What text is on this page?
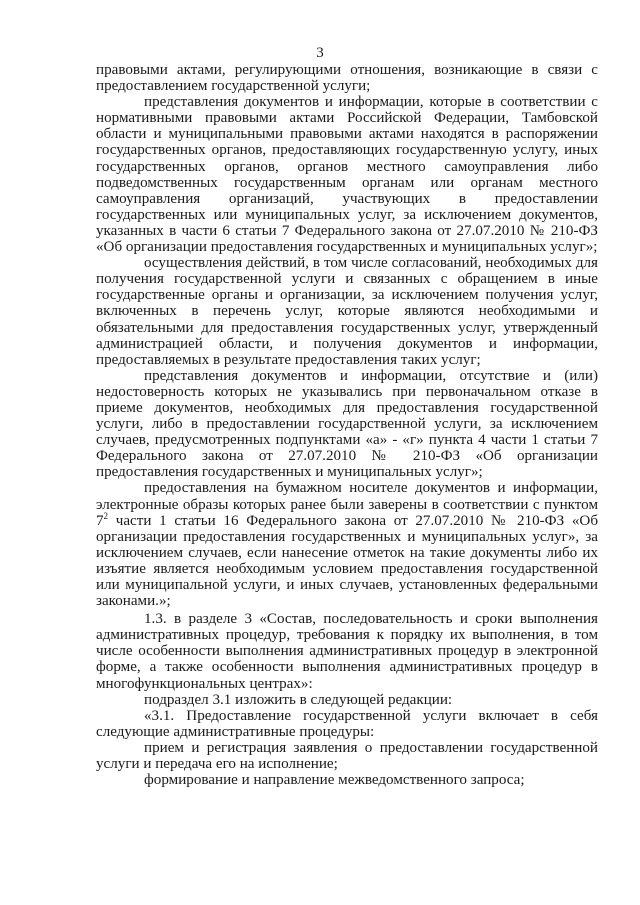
3

правовыми актами, регулирующими отношения, возникающие в связи с предоставлением государственной услуги;

представления документов и информации, которые в соответствии с нормативными правовыми актами Российской Федерации, Тамбовской области и муниципальными правовыми актами находятся в распоряжении государственных органов, предоставляющих государственную услугу, иных государственных органов, органов местного самоуправления либо подведомственных государственным органам или органам местного самоуправления организаций, участвующих в предоставлении государственных или муниципальных услуг, за исключением документов, указанных в части 6 статьи 7 Федерального закона от 27.07.2010 № 210-ФЗ «Об организации предоставления государственных и муниципальных услуг»;

осуществления действий, в том числе согласований, необходимых для получения государственной услуги и связанных с обращением в иные государственные органы и организации, за исключением получения услуг, включенных в перечень услуг, которые являются необходимыми и обязательными для предоставления государственных услуг, утвержденный администрацией области, и получения документов и информации, предоставляемых в результате предоставления таких услуг;

представления документов и информации, отсутствие и (или) недостоверность которых не указывались при первоначальном отказе в приеме документов, необходимых для предоставления государственной услуги, либо в предоставлении государственной услуги, за исключением случаев, предусмотренных подпунктами «а» - «г» пункта 4 части 1 статьи 7 Федерального закона от 27.07.2010 № 210-ФЗ «Об организации предоставления государственных и муниципальных услуг»;

предоставления на бумажном носителе документов и информации, электронные образы которых ранее были заверены в соответствии с пунктом $7^2$ части 1 статьи 16 Федерального закона от 27.07.2010 № 210-ФЗ «Об организации предоставления государственных и муниципальных услуг», за исключением случаев, если нанесение отметок на такие документы либо их изъятие является необходимым условием предоставления государственной или муниципальной услуги, и иных случаев, установленных федеральными законами.»;

1.3. в разделе 3 «Состав, последовательность и сроки выполнения административных процедур, требования к порядку их выполнения, в том числе особенности выполнения административных процедур в электронной форме, а также особенности выполнения административных процедур в многофункциональных центрах»:

подраздел 3.1 изложить в следующей редакции:

«3.1. Предоставление государственной услуги включает в себя следующие административные процедуры:

прием и регистрация заявления о предоставлении государственной услуги и передача его на исполнение;

формирование и направление межведомственного запроса;
